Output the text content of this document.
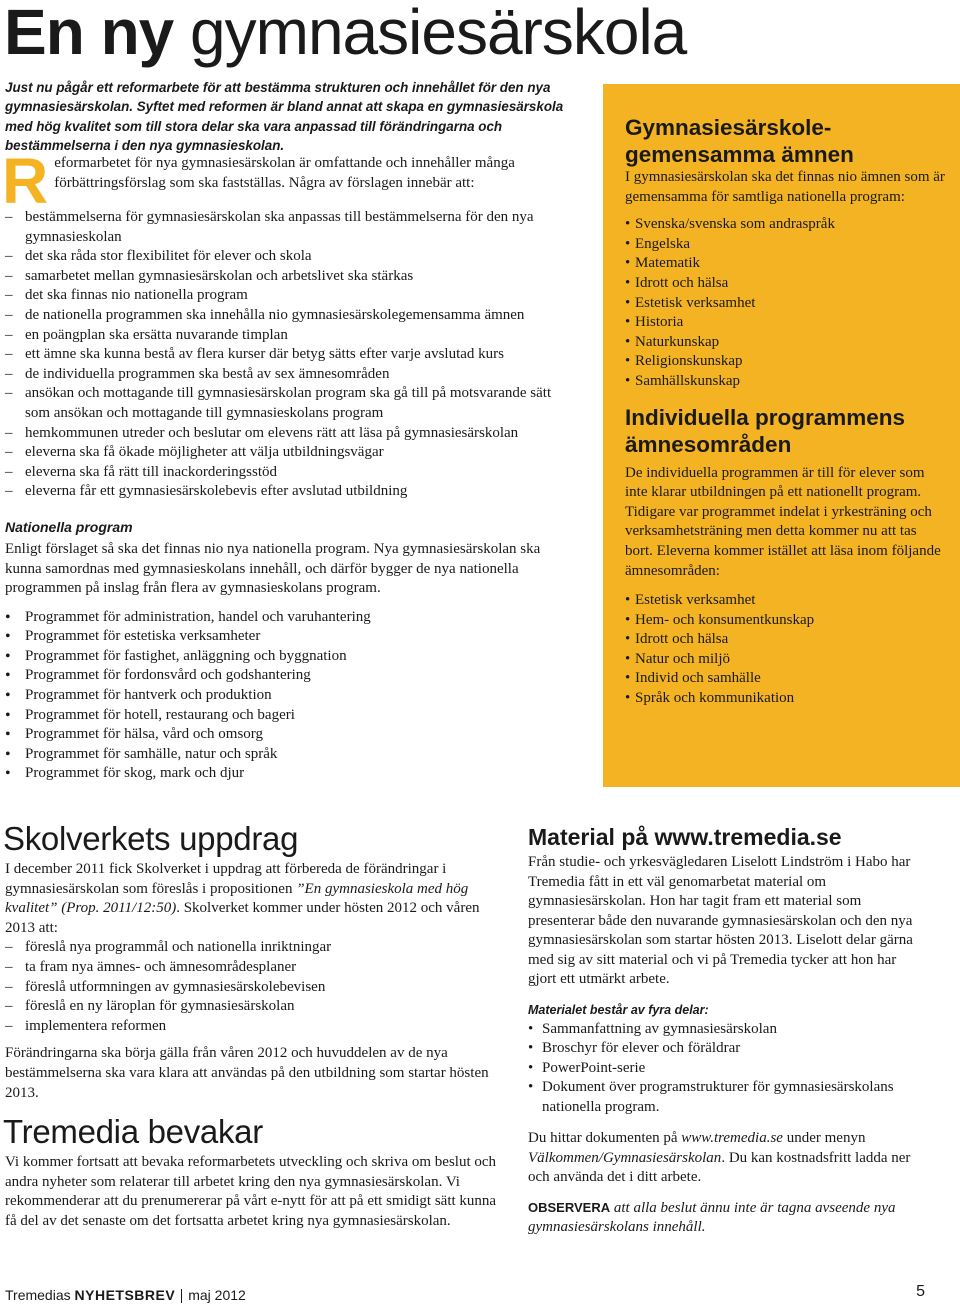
En ny gymnasiesärskola

Just nu pågår ett reformarbete för att bestämma strukturen och innehållet för den nya gymnasiesärskolan. Syftet med reformen är bland annat att skapa en gymnasiesärskola med hög kvalitet som till stora delar ska vara anpassad till förändringarna och bestämmelserna i den nya gymnasieskolan.

R eformarbetet för nya gymnasiesärskolan är omfattande och innehåller många förbättringsförslag som ska fastställas. Några av förslagen innebär att:

– bestämmelserna för gymnasiesärskolan ska anpassas till bestämmelserna för den nya gymnasieskolan
– det ska råda stor flexibilitet för elever och skola
– samarbetet mellan gymnasiesärskolan och arbetslivet ska stärkas
– det ska finnas nio nationella program
– de nationella programmen ska innehålla nio gymnasiesärskolegemensamma ämnen
– en poängplan ska ersätta nuvarande timplan
– ett ämne ska kunna bestå av flera kurser där betyg sätts efter varje avslutad kurs
– de individuella programmen ska bestå av sex ämnesområden
– ansökan och mottagande till gymnasiesärskolan program ska gå till på motsvarande sätt som ansökan och mottagande till gymnasieskolans program
– hemkommunen utreder och beslutar om elevens rätt att läsa på gymnasiesärskolan
– eleverna ska få ökade möjligheter att välja utbildningsvägar
– eleverna ska få rätt till inackorderingsstöd
– eleverna får ett gymnasiesärskolebevis efter avslutad utbildning
Nationella program

Enligt förslaget så ska det finnas nio nya nationella program. Nya gymnasiesärskolan ska kunna samordnas med gymnasieskolans innehåll, och därför bygger de nya nationella programmen på inslag från flera av gymnasieskolans program.

• Programmet för administration, handel och varuhantering
• Programmet för estetiska verksamheter
• Programmet för fastighet, anläggning och byggnation
• Programmet för fordonsvård och godshantering
• Programmet för hantverk och produktion
• Programmet för hotell, restaurang och bageri
• Programmet för hälsa, vård och omsorg
• Programmet för samhälle, natur och språk
• Programmet för skog, mark och djur
Skolverkets uppdrag

I december 2011 fick Skolverket i uppdrag att förbereda de förändringar i gymnasiesärskolan som föreslås i propositionen ”En gymnasieskola med hög kvalitet” (Prop. 2011/12:50). Skolverket kommer under hösten 2012 och våren 2013 att:

– föreslå nya programmål och nationella inriktningar
– ta fram nya ämnes- och ämnesområdesplaner
– föreslå utformningen av gymnasiesärskolebevisen
– föreslå en ny läroplan för gymnasiesärskolan
– implementera reformen

Förändringarna ska börja gälla från våren 2012 och huvuddelen av de nya bestämmelserna ska vara klara att användas på den utbildning som startar hösten 2013.

Tremedia bevakar

Vi kommer fortsatt att bevaka reformarbetets utveckling och skriva om beslut och andra nyheter som relaterar till arbetet kring den nya gymnasiesärskolan. Vi rekommenderar att du prenumererar på vårt e-nytt för att på ett smidigt sätt kunna få del av det senaste om det fortsatta arbetet kring nya gymnasiesärskolan.

Gymnasiesärskole-gemensamma ämnen

I gymnasiesärskolan ska det finnas nio ämnen som är gemensamma för samtliga nationella program:

• Svenska/svenska som andraspråk
• Engelska
• Matematik
• Idrott och hälsa
• Estetisk verksamhet
• Historia
• Naturkunskap
• Religionskunskap
• Samhällskunskap
Individuella programmens ämnesområden

De individuella programmen är till för elever som inte klarar utbildningen på ett nationellt program. Tidigare var programmet indelat i yrkesträning och verksamhetsträning men detta kommer nu att tas bort. Eleverna kommer istället att läsa inom följande ämnesområden:

• Estetisk verksamhet
• Hem- och konsumentkunskap
• Idrott och hälsa
• Natur och miljö
• Individ och samhälle
• Språk och kommunikation
Material på www.tremedia.se

Från studie- och yrkesvägledaren Liselott Lindström i Habo har Tremedia fått in ett väl genomarbetat material om gymnasiesärskolan. Hon har tagit fram ett material som presenterar både den nuvarande gymnasiesärskolan och den nya gymnasiesärskolan som startar hösten 2013. Liselott delar gärna med sig av sitt material och vi på Tremedia tycker att hon har gjort ett utmärkt arbete.

Materialet består av fyra delar:
• Sammanfattning av gymnasiesärskolan
• Broschyr för elever och föräldrar
• PowerPoint-serie
• Dokument över programstrukturer för gymnasiesärskolans nationella program.

Du hittar dokumenten på www.tremedia.se under menyn Välkommen/Gymnasiesärskolan. Du kan kostnadsfritt ladda ner och använda det i ditt arbete.

OBSERVERA att alla beslut ännu inte är tagna avseende nya gymnasiesärskolans innehåll.

Tremedias NYHETSBREV maj 2012	5
